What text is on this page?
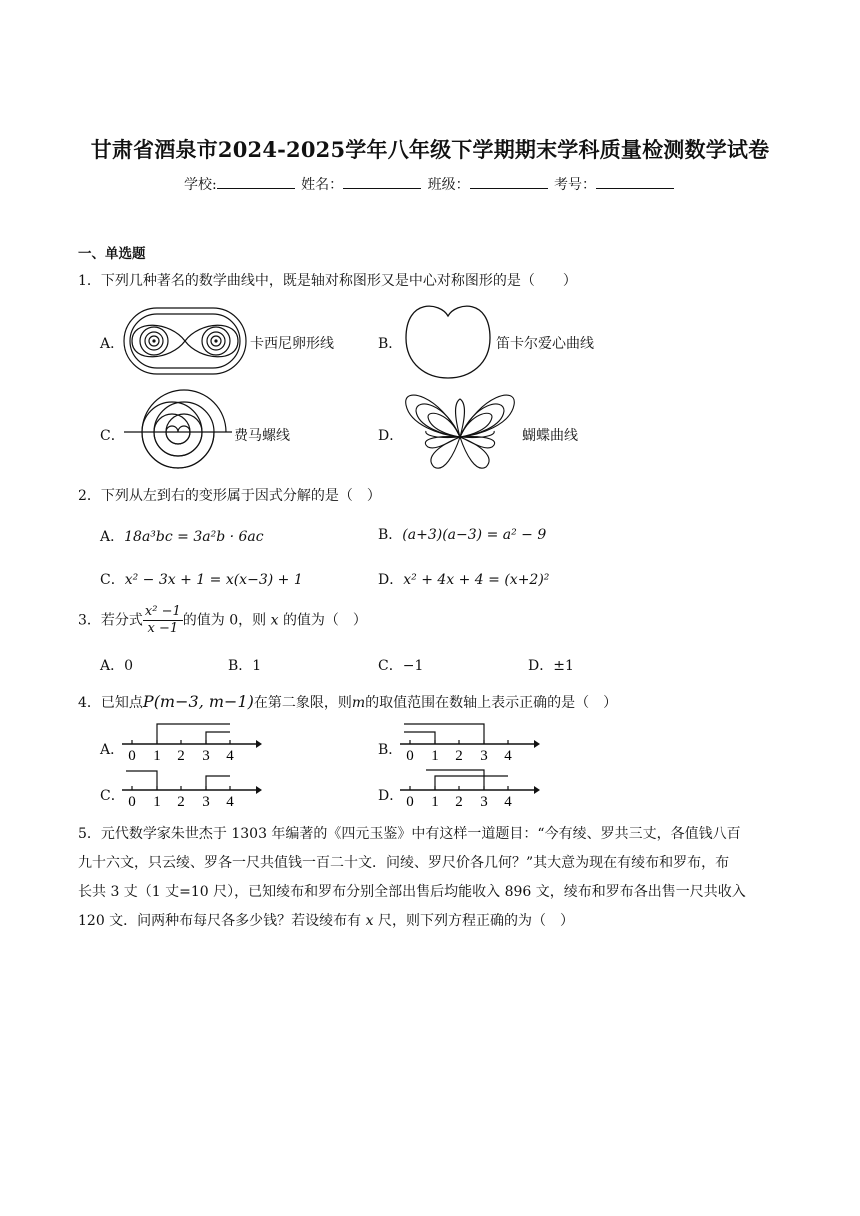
甘肃省酒泉市2024-2025学年八年级下学期期末学科质量检测数学试卷
学校:	姓名：	班级：	考号：
一、单选题
1．下列几种著名的数学曲线中，既是轴对称图形又是中心对称图形的是（　　）
A．	卡西尼卵形线	B．	笛卡尔爱心曲线
C．	费马螺线	D．	蝴蝶曲线
2．下列从左到右的变形属于因式分解的是（　）
A．18a³bc = 3a²b · 6ac	B．(a+3)(a−3) = a² − 9
C．x² − 3x + 1 = x(x−3) + 1	D．x² + 4x + 4 = (x+2)²
3．若分式 $\frac{\text{x² −1}}{x -1}$ 的值为 0，则 x 的值为（　）
A．0	B．1	C．−1	D．±1
4．已知点P(m−3, m−1)在第二象限，则m的取值范围在数轴上表示正确的是（　）
A． 0 1 2 3 4	B． 0 1 2 3 4
C． 0 1 2 3 4	D． 0 1 2 3 4
5．元代数学家朱世杰于 1303 年编著的《四元玉鉴》中有这样一道题目：“今有绫、罗共三丈，各值钱八百
九十六文，只云绫、罗各一尺共值钱一百二十文．问绫、罗尺价各几何？”其大意为现在有绫布和罗布，布
长共 3 丈（1 丈=10 尺），已知绫布和罗布分别全部出售后均能收入 896 文，绫布和罗布各出售一尺共收入
120 文．问两种布每尺各多少钱？若设绫布有 x 尺，则下列方程正确的为（　）
